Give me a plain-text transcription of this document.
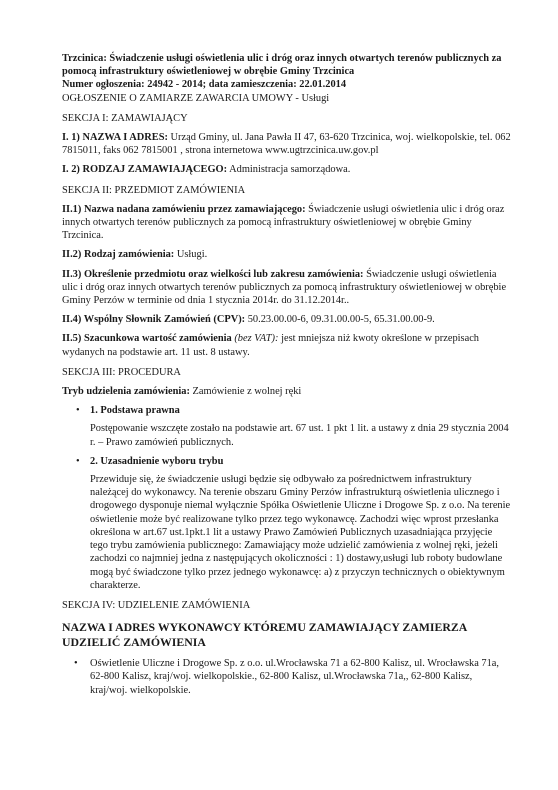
Trzcinica: Świadczenie usługi oświetlenia ulic i dróg oraz innych otwartych terenów publicznych za pomocą infrastruktury oświetleniowej w obrębie Gminy Trzcinica

Numer ogłoszenia: 24942 - 2014; data zamieszczenia: 22.01.2014

OGŁOSZENIE O ZAMIARZE ZAWARCIA UMOWY - Usługi

SEKCJA I: ZAMAWIAJĄCY

I. 1) NAZWA I ADRES: Urząd Gminy, ul. Jana Pawła II 47, 63-620 Trzcinica, woj. wielkopolskie, tel. 062 7815011, faks 062 7815001 , strona internetowa www.ugtrzcinica.uw.gov.pl

I. 2) RODZAJ ZAMAWIAJĄCEGO: Administracja samorządowa.

SEKCJA II: PRZEDMIOT ZAMÓWIENIA

II.1) Nazwa nadana zamówieniu przez zamawiającego: Świadczenie usługi oświetlenia ulic i dróg oraz innych otwartych terenów publicznych za pomocą infrastruktury oświetleniowej w obrębie Gminy Trzcinica.

II.2) Rodzaj zamówienia: Usługi.

II.3) Określenie przedmiotu oraz wielkości lub zakresu zamówienia: Świadczenie usługi oświetlenia ulic i dróg oraz innych otwartych terenów publicznych za pomocą infrastruktury oświetleniowej w obrębie Gminy Perzów w terminie od dnia 1 stycznia 2014r. do 31.12.2014r..

II.4) Wspólny Słownik Zamówień (CPV): 50.23.00.00-6, 09.31.00.00-5, 65.31.00.00-9.

II.5) Szacunkowa wartość zamówienia (bez VAT): jest mniejsza niż kwoty określone w przepisach wydanych na podstawie art. 11 ust. 8 ustawy.

SEKCJA III: PROCEDURA

Tryb udzielenia zamówienia: Zamówienie z wolnej ręki

• 1. Podstawa prawna

Postępowanie wszczęte zostało na podstawie art. 67 ust. 1 pkt 1 lit. a ustawy z dnia 29 stycznia 2004 r. – Prawo zamówień publicznych.

• 2. Uzasadnienie wyboru trybu

Przewiduje się, że świadczenie usługi będzie się odbywało za pośrednictwem infrastruktury należącej do wykonawcy. Na terenie obszaru Gminy Perzów infrastrukturą oświetlenia ulicznego i drogowego dysponuje niemal wyłącznie Spółka Oświetlenie Uliczne i Drogowe Sp. z o.o. Na terenie oświetlenie może być realizowane tylko przez tego wykonawcę. Zachodzi więc wprost przesłanka określona w art.67 ust.1pkt.1 lit a ustawy Prawo Zamówień Publicznych uzasadniająca przyjęcie tego trybu zamówienia publicznego: Zamawiający może udzielić zamówienia z wolnej ręki, jeżeli zachodzi co najmniej jedna z następujących okoliczności : 1) dostawy,usługi lub roboty budowlane mogą być świadczone tylko przez jednego wykonawcę: a) z przyczyn technicznych o obiektywnym charakterze.

SEKCJA IV: UDZIELENIE ZAMÓWIENIA

NAZWA I ADRES WYKONAWCY KTÓREMU ZAMAWIAJĄCY ZAMIERZA UDZIELIĆ ZAMÓWIENIA

• Oświetlenie Uliczne i Drogowe Sp. z o.o. ul.Wrocławska 71 a 62-800 Kalisz, ul. Wrocławska 71a, 62-800 Kalisz, kraj/woj. wielkopolskie., 62-800 Kalisz, ul.Wrocławska 71a,, 62-800 Kalisz, kraj/woj. wielkopolskie.
